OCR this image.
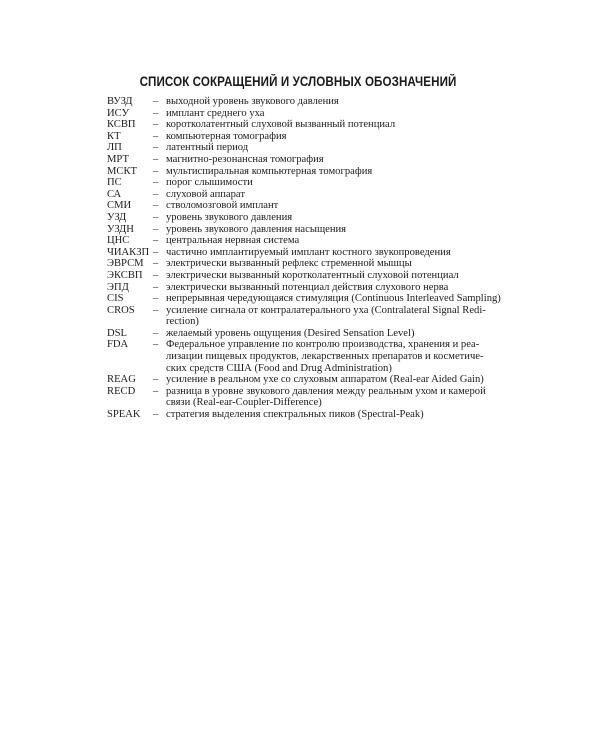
СПИСОК СОКРАЩЕНИЙ И УСЛОВНЫХ ОБОЗНАЧЕНИЙ
ВУЗД	– выходной уровень звукового давления
ИСУ	– имплант среднего уха
КСВП	– коротколатентный слуховой вызванный потенциал
КТ	– компьютерная томография
ЛП	– латентный период
МРТ	– магнитно-резонансная томография
МСКТ	– мультиспиральная компьютерная томография
ПС	– порог слышимости
СА	– слуховой аппарат
СМИ	– стволомозговой имплант
УЗД	– уровень звукового давления
УЗДН	– уровень звукового давления насыщения
ЦНС	– центральная нервная система
ЧИАКЗП – частично имплантируемый имплант костного звукопроведения
ЭВРСМ – электрически вызванный рефлекс стременной мышцы
ЭКСВП – электрически вызванный коротколатентный слуховой потенциал
ЭПД	– электрически вызванный потенциал действия слухового нерва
CIS	– непрерывная чередующаяся стимуляция (Continuous Interleaved Sampling)
CROS	– усиление сигнала от контралатерального уха (Contralateral Signal Redi-
rection)
DSL	– желаемый уровень ощущения (Desired Sensation Level)
FDA	– Федеральное управление по контролю производства, хранения и реа-
лизации пищевых продуктов, лекарственных препаратов и косметиче-
ских средств США (Food and Drug Administration)
REAG	– усиление в реальном ухе со слуховым аппаратом (Real-ear Aided Gain)
RECD	– разница в уровне звукового давления между реальным ухом и камерой
связи (Real-ear-Coupler-Difference)
SPEAK	– стратегия выделения спектральных пиков (Spectral-Peak)
